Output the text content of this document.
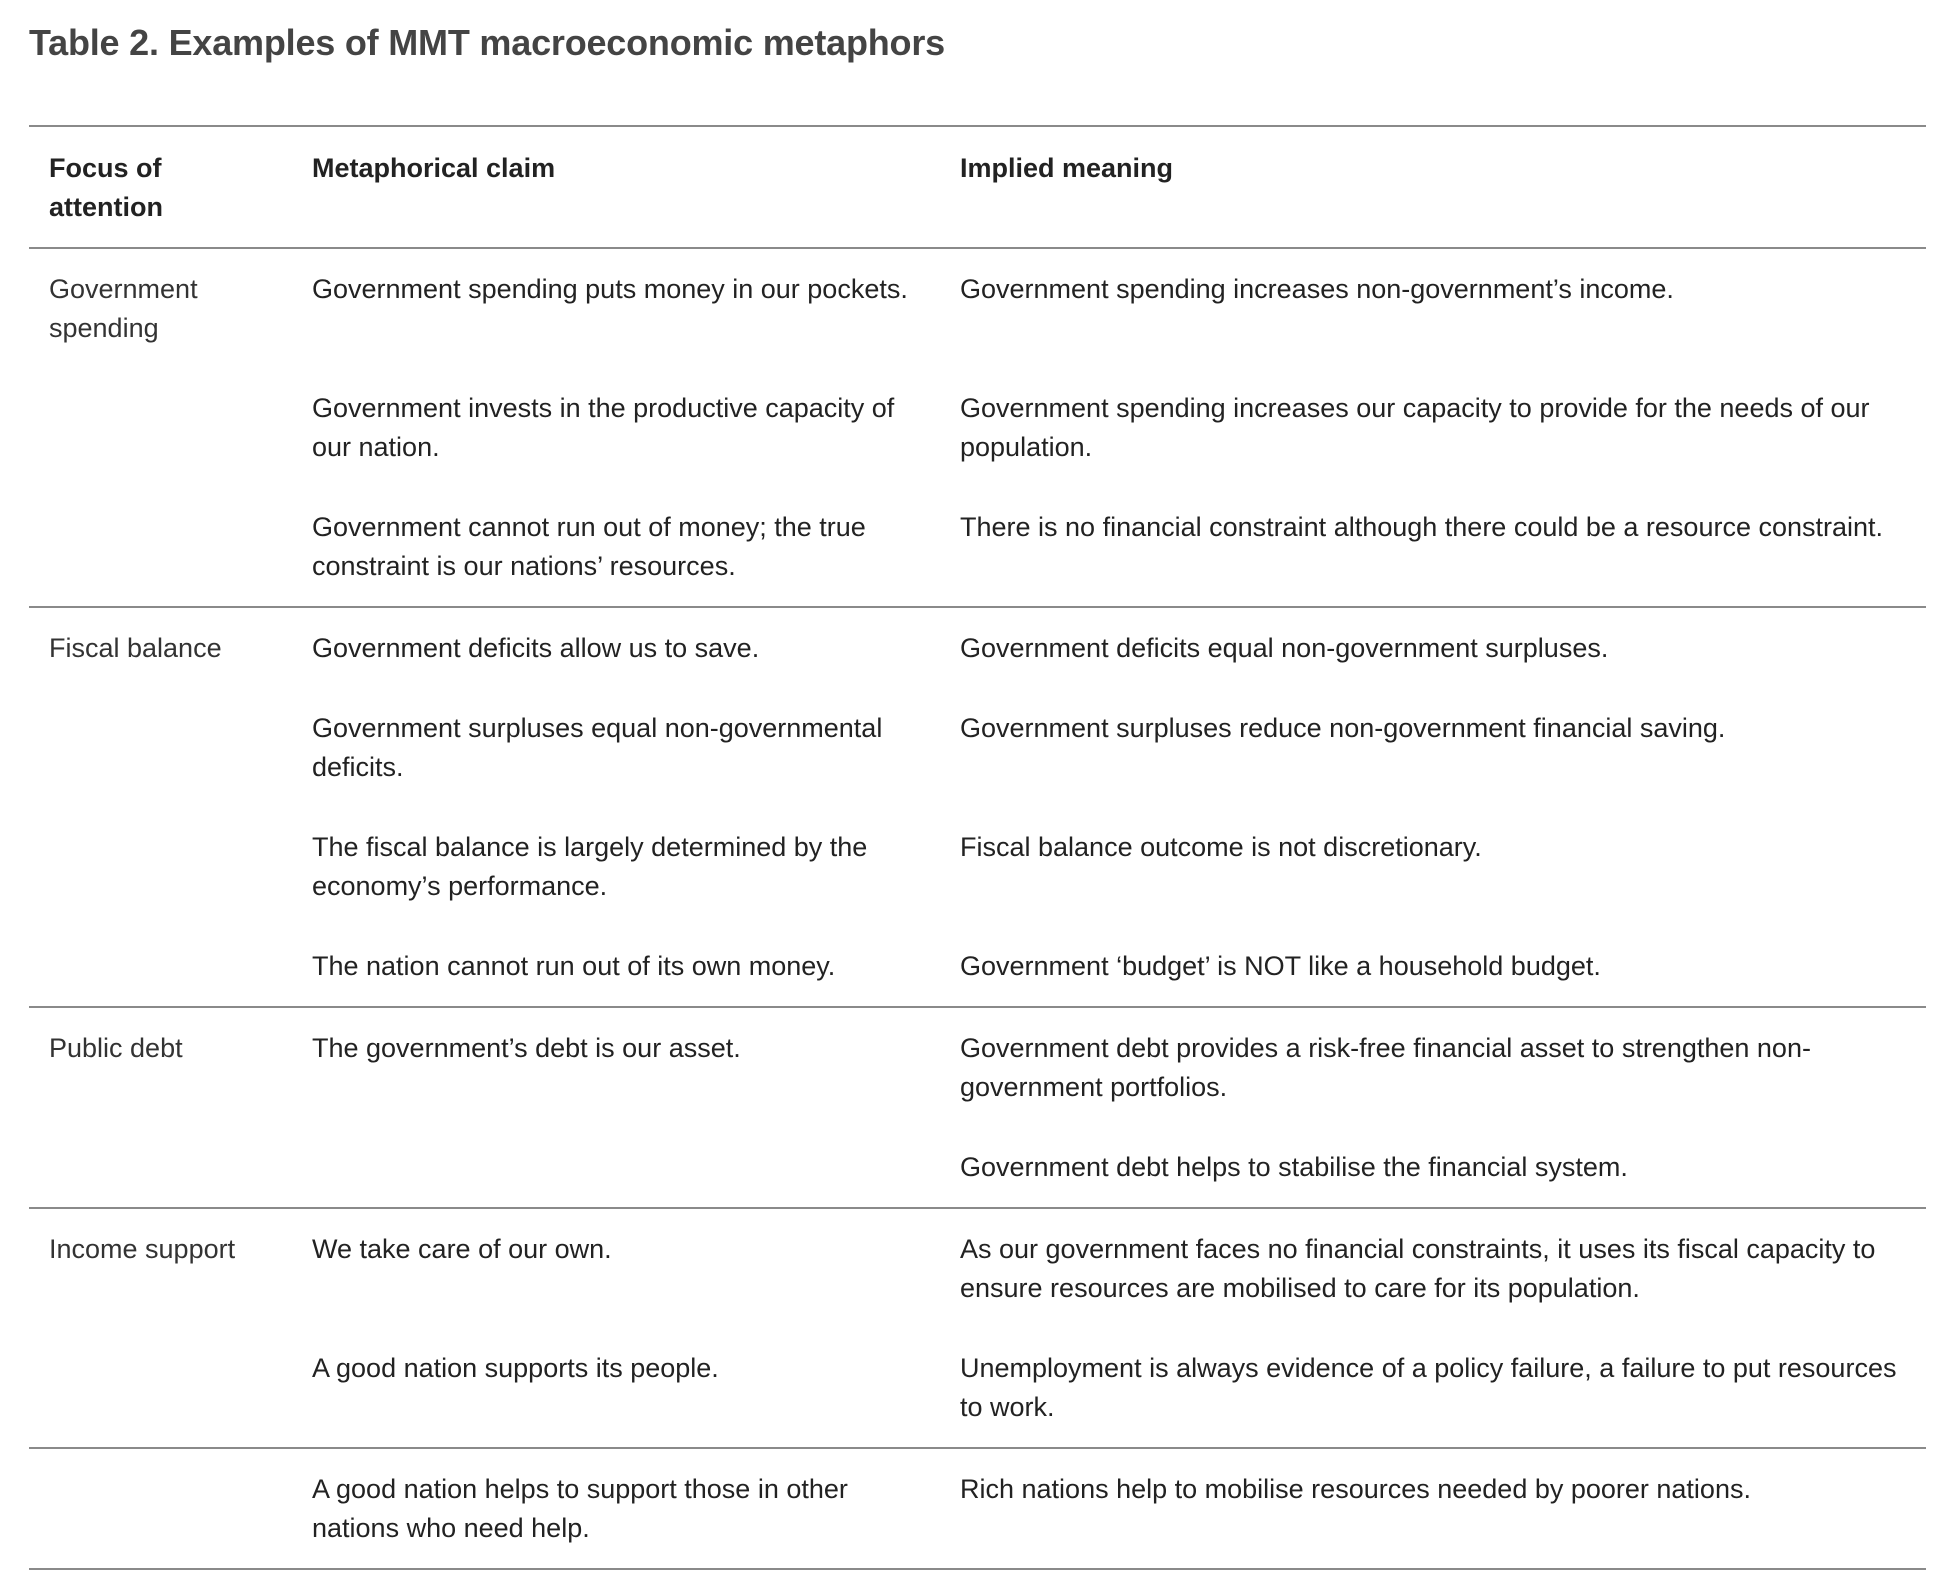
Table 2. Examples of MMT macroeconomic metaphors
Focus of attention	Metaphorical claim	Implied meaning
Government spending	Government spending puts money in our pockets.	Government spending increases non-government’s income.
	Government invests in the productive capacity of our nation.	Government spending increases our capacity to provide for the needs of our population.
	Government cannot run out of money; the true constraint is our nations’ resources.	There is no financial constraint although there could be a resource constraint.
Fiscal balance	Government deficits allow us to save.	Government deficits equal non-government surpluses.
	Government surpluses equal non-governmental deficits.	Government surpluses reduce non-government financial saving.
	The fiscal balance is largely determined by the economy’s performance.	Fiscal balance outcome is not discretionary.
	The nation cannot run out of its own money.	Government ‘budget’ is NOT like a household budget.
Public debt	The government’s debt is our asset.	Government debt provides a risk-free financial asset to strengthen non-government portfolios.
		Government debt helps to stabilise the financial system.
Income support	We take care of our own.	As our government faces no financial constraints, it uses its fiscal capacity to ensure resources are mobilised to care for its population.
	A good nation supports its people.	Unemployment is always evidence of a policy failure, a failure to put resources to work.
	A good nation helps to support those in other nations who need help.	Rich nations help to mobilise resources needed by poorer nations.
